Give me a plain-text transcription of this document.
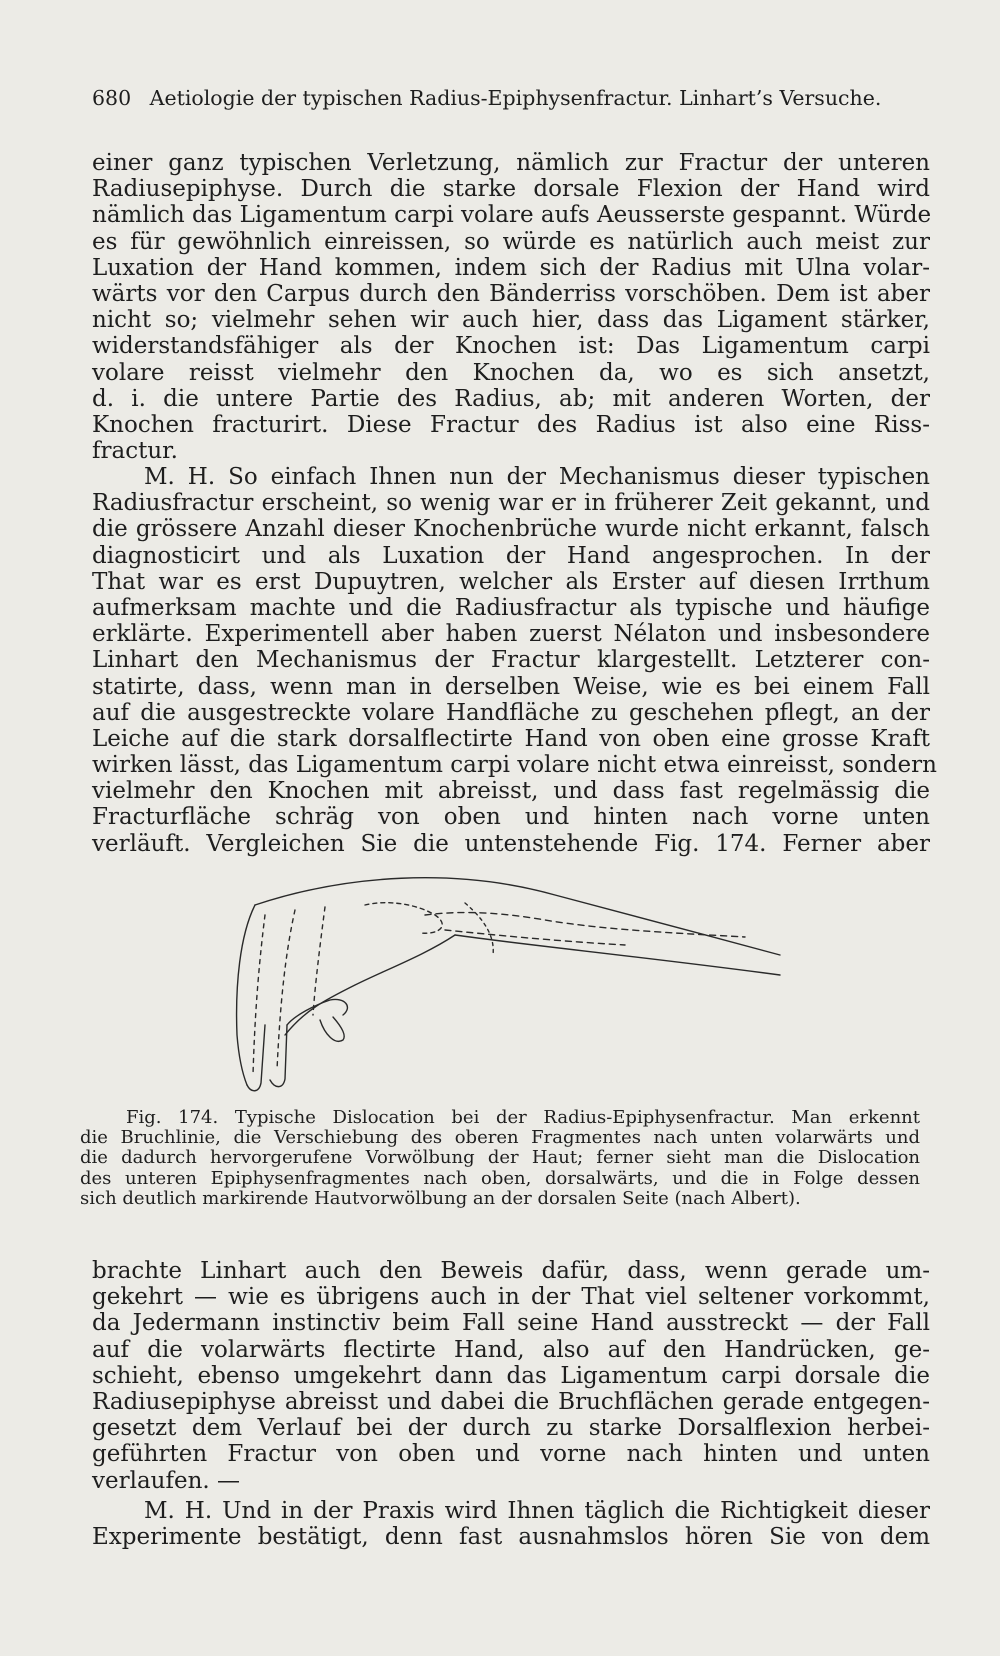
680 Aetiologie der typischen Radius-Epiphysenfractur. Linhart’s Versuche.
einer ganz typischen Verletzung, nämlich zur Fractur der unteren
Radiusepiphyse. Durch die starke dorsale Flexion der Hand wird
nämlich das Ligamentum carpi volare aufs Aeusserste gespannt. Würde
es für gewöhnlich einreissen, so würde es natürlich auch meist zur
Luxation der Hand kommen, indem sich der Radius mit Ulna volar-
wärts vor den Carpus durch den Bänderriss vorschöben. Dem ist aber
nicht so; vielmehr sehen wir auch hier, dass das Ligament stärker,
widerstandsfähiger als der Knochen ist: Das Ligamentum carpi
volare reisst vielmehr den Knochen da, wo es sich ansetzt,
d. i. die untere Partie des Radius, ab; mit anderen Worten, der
Knochen fracturirt. Diese Fractur des Radius ist also eine Riss-
fractur.
M. H. So einfach Ihnen nun der Mechanismus dieser typischen
Radiusfractur erscheint, so wenig war er in früherer Zeit gekannt, und
die grössere Anzahl dieser Knochenbrüche wurde nicht erkannt, falsch
diagnosticirt und als Luxation der Hand angesprochen. In der
That war es erst Dupuytren, welcher als Erster auf diesen Irrthum
aufmerksam machte und die Radiusfractur als typische und häufige
erklärte. Experimentell aber haben zuerst Nélaton und insbesondere
Linhart den Mechanismus der Fractur klargestellt. Letzterer con-
statirte, dass, wenn man in derselben Weise, wie es bei einem Fall
auf die ausgestreckte volare Handfläche zu geschehen pflegt, an der
Leiche auf die stark dorsalflectirte Hand von oben eine grosse Kraft
wirken lässt, das Ligamentum carpi volare nicht etwa einreisst, sondern
vielmehr den Knochen mit abreisst, und dass fast regelmässig die
Fracturfläche schräg von oben und hinten nach vorne unten
verläuft. Vergleichen Sie die untenstehende Fig. 174. Ferner aber
Fig. 174. Typische Dislocation bei der Radius-Epiphysenfractur. Man erkennt
die Bruchlinie, die Verschiebung des oberen Fragmentes nach unten volarwärts und
die dadurch hervorgerufene Vorwölbung der Haut; ferner sieht man die Dislocation
des unteren Epiphysenfragmentes nach oben, dorsalwärts, und die in Folge dessen
sich deutlich markirende Hautvorwölbung an der dorsalen Seite (nach Albert).
brachte Linhart auch den Beweis dafür, dass, wenn gerade um-
gekehrt — wie es übrigens auch in der That viel seltener vorkommt,
da Jedermann instinctiv beim Fall seine Hand ausstreckt — der Fall
auf die volarwärts flectirte Hand, also auf den Handrücken, ge-
schieht, ebenso umgekehrt dann das Ligamentum carpi dorsale die
Radiusepiphyse abreisst und dabei die Bruchflächen gerade entgegen-
gesetzt dem Verlauf bei der durch zu starke Dorsalflexion herbei-
geführten Fractur von oben und vorne nach hinten und unten
verlaufen. —
M. H. Und in der Praxis wird Ihnen täglich die Richtigkeit dieser
Experimente bestätigt, denn fast ausnahmslos hören Sie von dem
